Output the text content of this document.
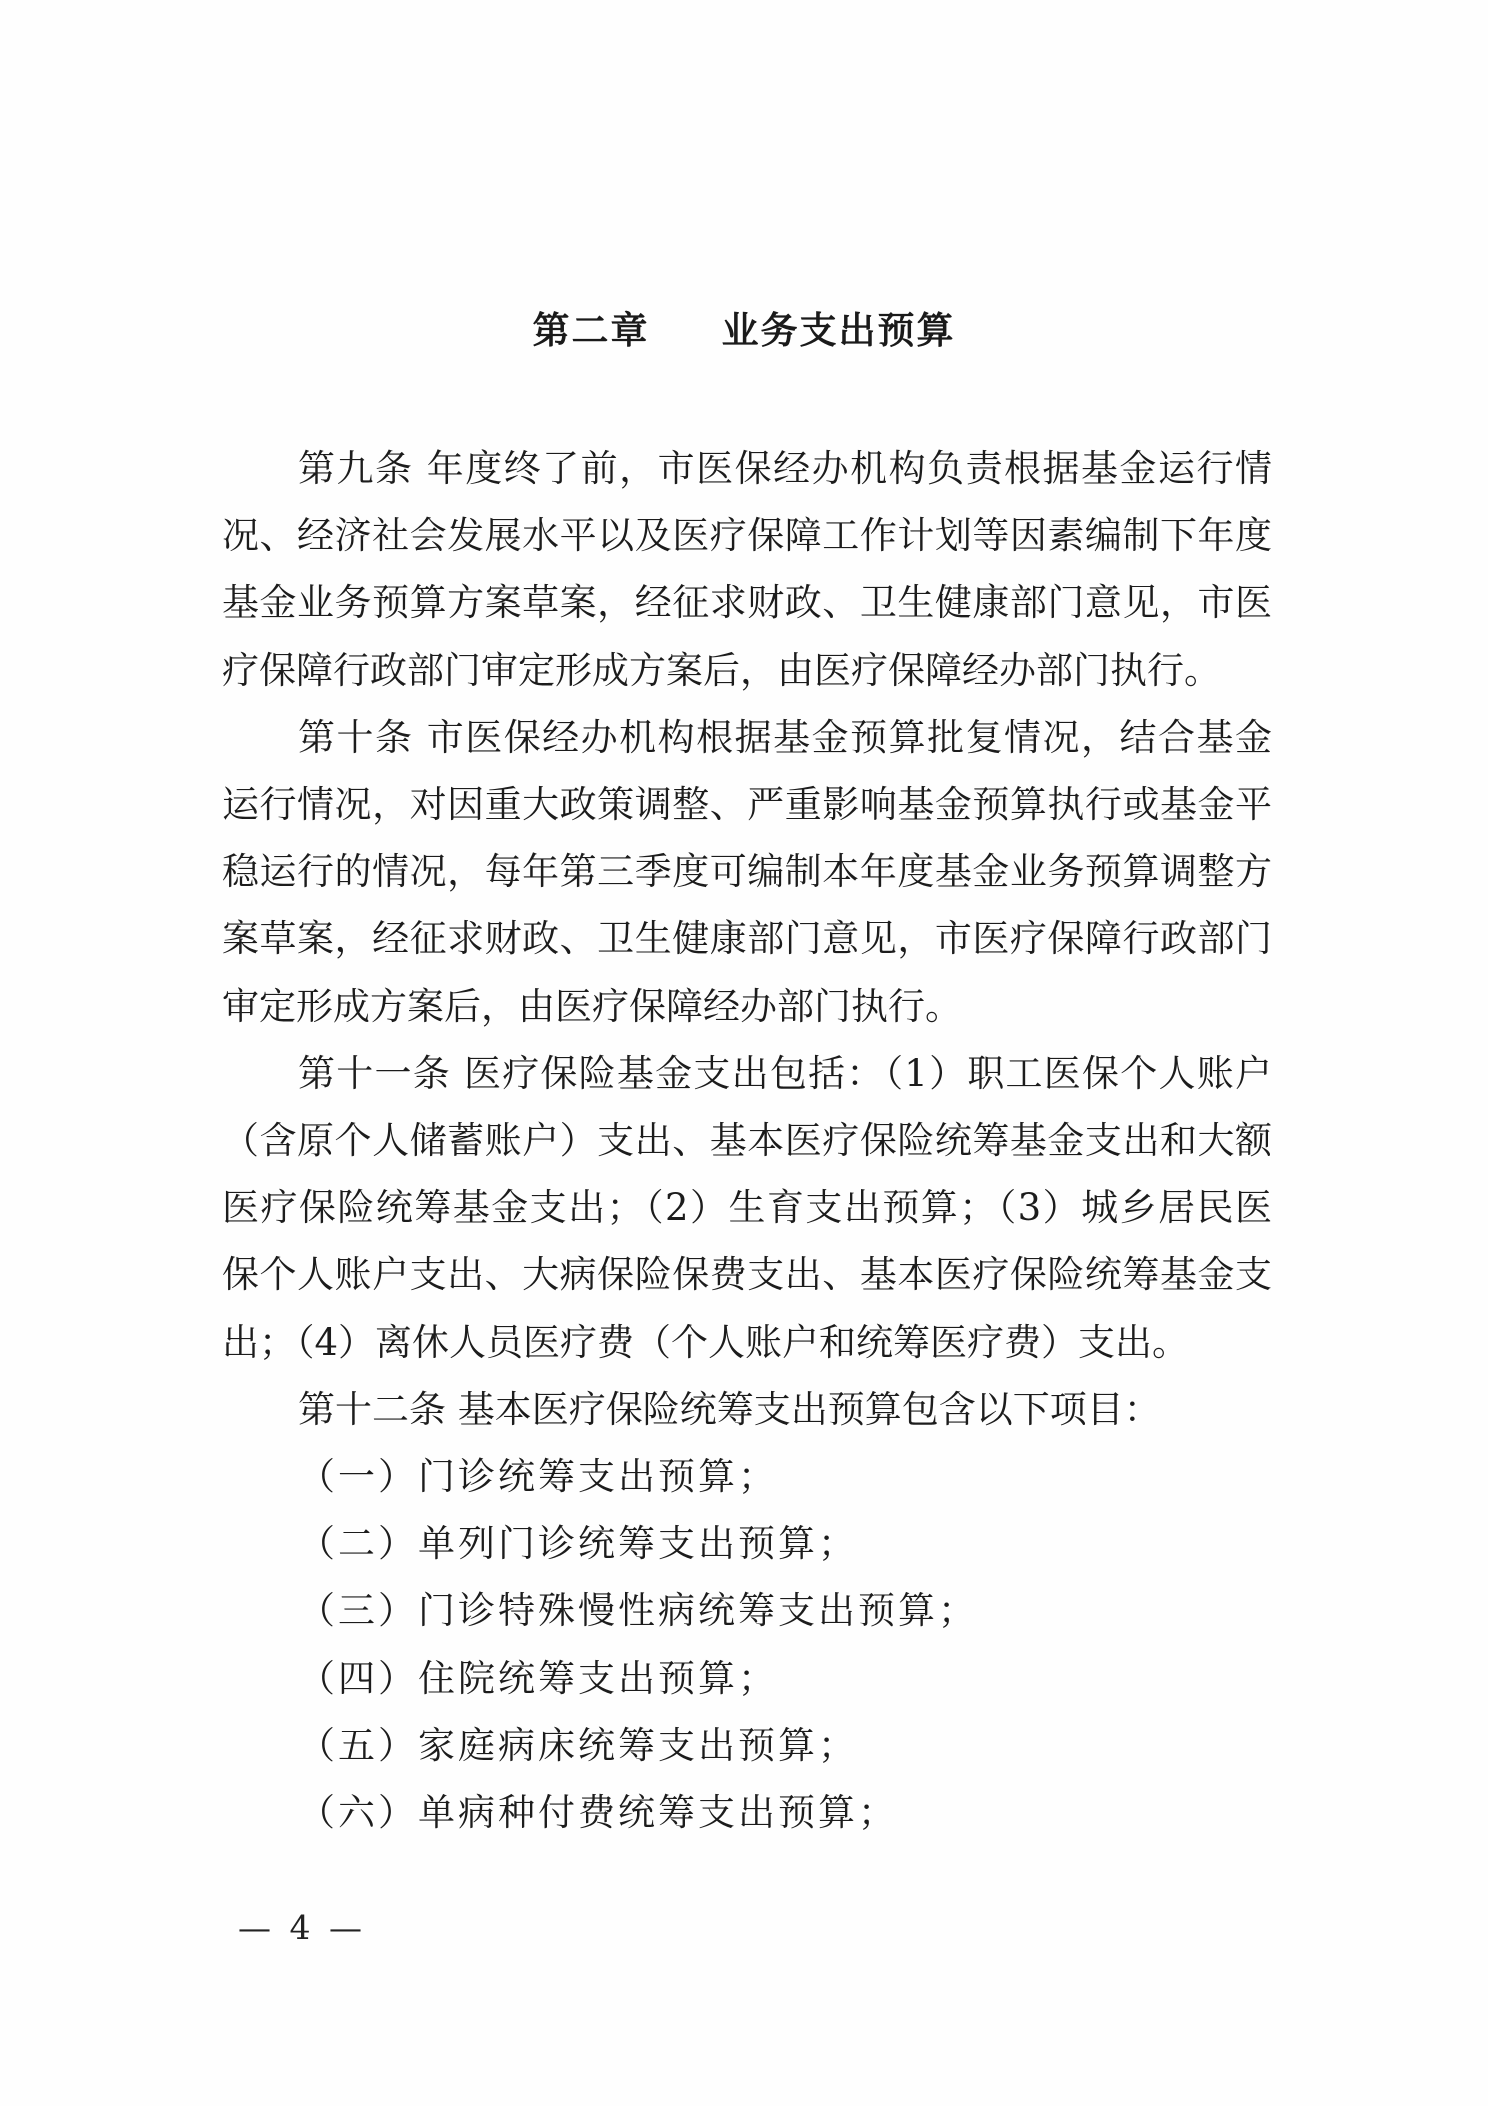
第二章 业务支出预算
第九条 年度终了前，市医保经办机构负责根据基金运行情
况、经济社会发展水平以及医疗保障工作计划等因素编制下年度
基金业务预算方案草案，经征求财政、卫生健康部门意见，市医
疗保障行政部门审定形成方案后，由医疗保障经办部门执行。
第十条 市医保经办机构根据基金预算批复情况，结合基金
运行情况，对因重大政策调整、严重影响基金预算执行或基金平
稳运行的情况，每年第三季度可编制本年度基金业务预算调整方
案草案，经征求财政、卫生健康部门意见，市医疗保障行政部门
审定形成方案后，由医疗保障经办部门执行。
第十一条 医疗保险基金支出包括：（1）职工医保个人账户
（含原个人储蓄账户）支出、基本医疗保险统筹基金支出和大额
医疗保险统筹基金支出；（2）生育支出预算；（3）城乡居民医
保个人账户支出、大病保险保费支出、基本医疗保险统筹基金支
出；（4）离休人员医疗费（个人账户和统筹医疗费）支出。
第十二条 基本医疗保险统筹支出预算包含以下项目：
（一）门诊统筹支出预算；
（二）单列门诊统筹支出预算；
（三）门诊特殊慢性病统筹支出预算；
（四）住院统筹支出预算；
（五）家庭病床统筹支出预算；
（六）单病种付费统筹支出预算；
— 4 —
